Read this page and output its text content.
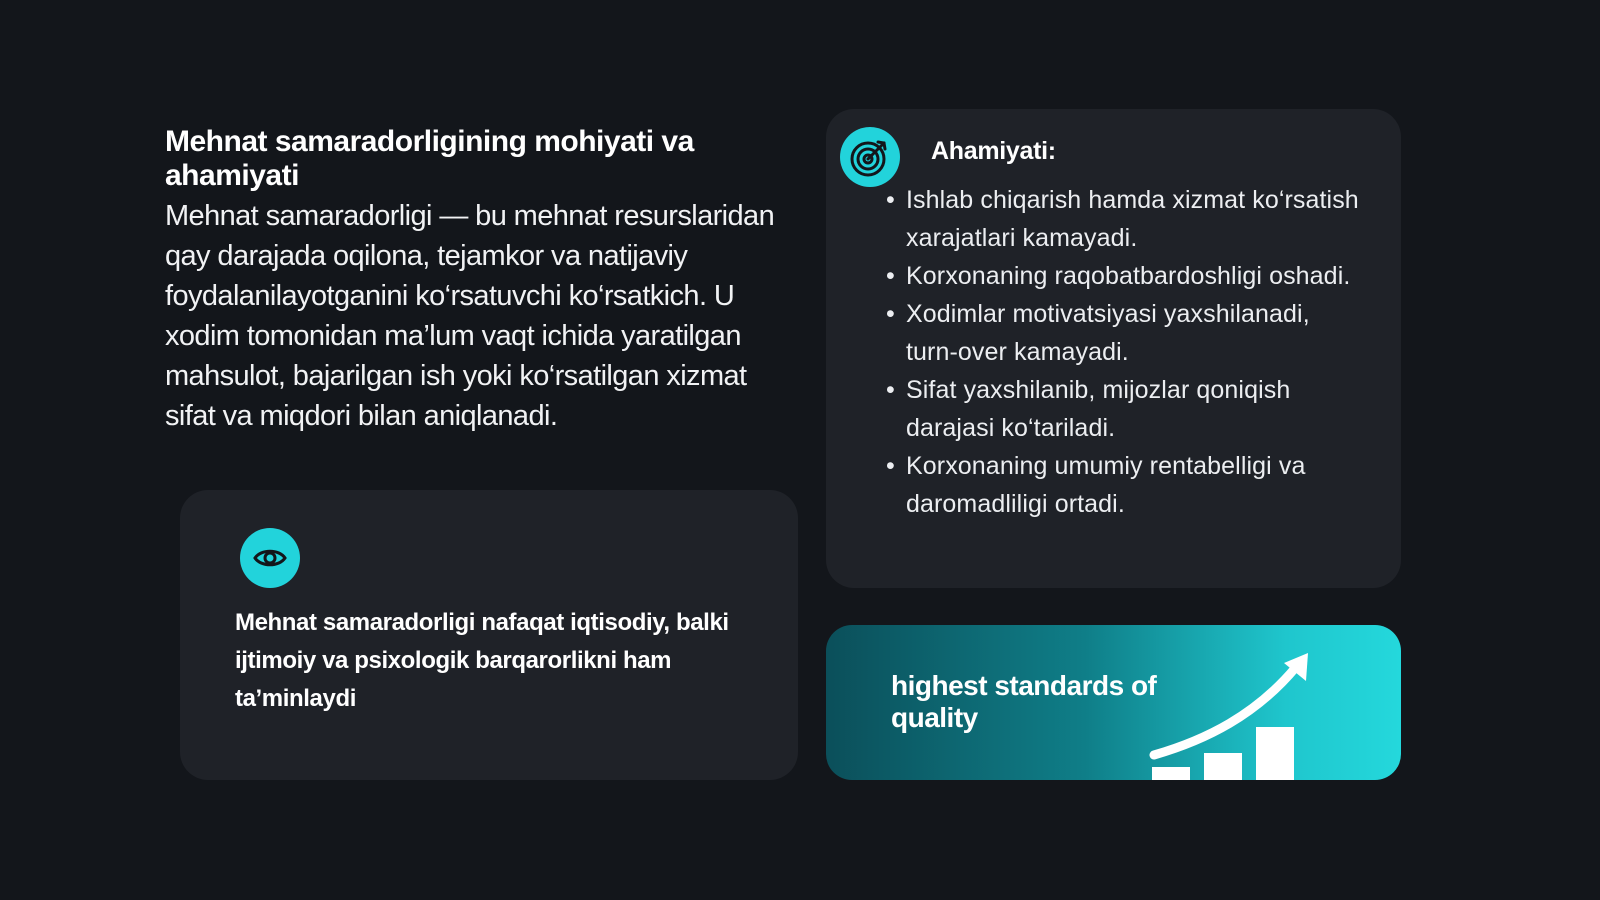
Mehnat samaradorligining mohiyati va ahamiyati
Mehnat samaradorligi — bu mehnat resurslaridan qay darajada oqilona, tejamkor va natijaviy foydalanilayotganini ko‘rsatuvchi ko‘rsatkich. U xodim tomonidan ma’lum vaqt ichida yaratilgan mahsulot, bajarilgan ish yoki ko‘rsatilgan xizmat sifat va miqdori bilan aniqlanadi.
Mehnat samaradorligi nafaqat iqtisodiy, balki ijtimoiy va psixologik barqarorlikni ham ta’minlaydi
Ahamiyati:
• Ishlab chiqarish hamda xizmat ko‘rsatish xarajatlari kamayadi.
• Korxonaning raqobatbardoshligi oshadi.
• Xodimlar motivatsiyasi yaxshilanadi, turn-over kamayadi.
• Sifat yaxshilanib, mijozlar qoniqish darajasi ko‘tariladi.
• Korxonaning umumiy rentabelligi va daromadliligi ortadi.
highest standards of quality
